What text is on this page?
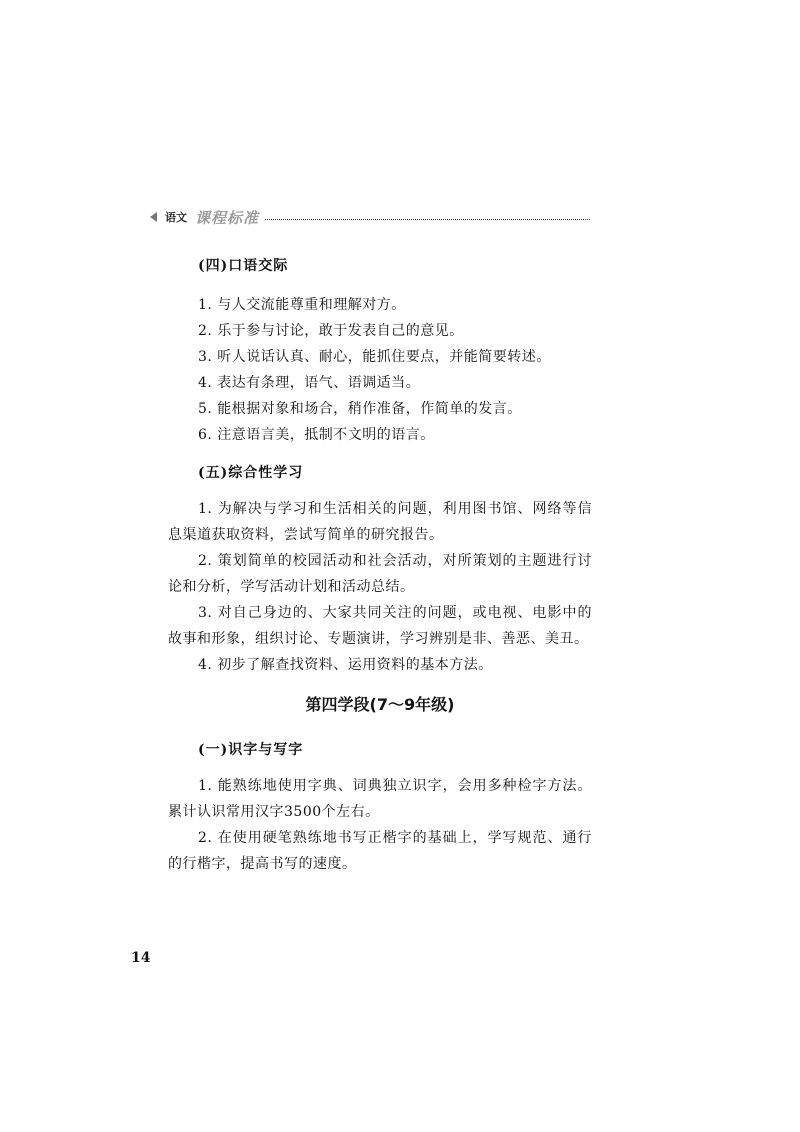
语文 课程标准

(四)口语交际

1. 与人交流能尊重和理解对方。

2. 乐于参与讨论，敢于发表自己的意见。

3. 听人说话认真、耐心，能抓住要点，并能简要转述。

4. 表达有条理，语气、语调适当。

5. 能根据对象和场合，稍作准备，作简单的发言。

6. 注意语言美，抵制不文明的语言。

(五)综合性学习

1. 为解决与学习和生活相关的问题，利用图书馆、网络等信息渠道获取资料，尝试写简单的研究报告。

2. 策划简单的校园活动和社会活动，对所策划的主题进行讨论和分析，学写活动计划和活动总结。

3. 对自己身边的、大家共同关注的问题，或电视、电影中的故事和形象，组织讨论、专题演讲，学习辨别是非、善恶、美丑。

4. 初步了解查找资料、运用资料的基本方法。

第四学段(7～9年级)

(一)识字与写字

1. 能熟练地使用字典、词典独立识字，会用多种检字方法。累计认识常用汉字3500个左右。

2. 在使用硬笔熟练地书写正楷字的基础上，学写规范、通行的行楷字，提高书写的速度。

14
